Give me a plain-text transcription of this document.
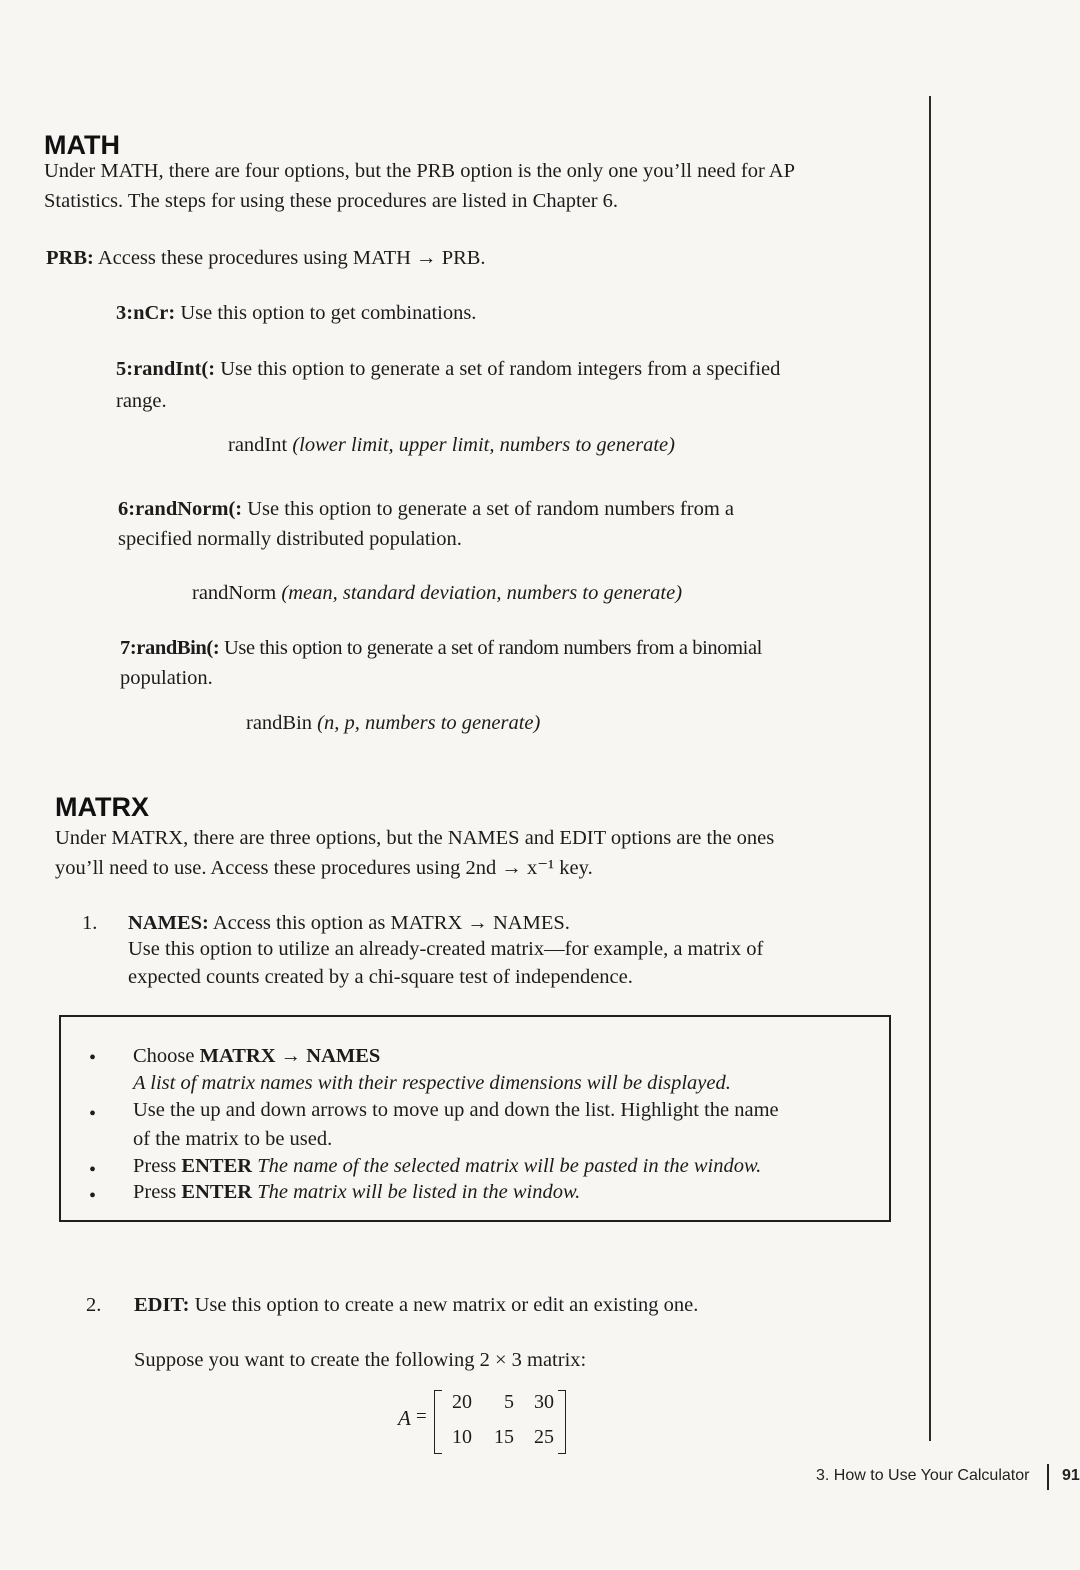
MATH
Under MATH, there are four options, but the PRB option is the only one you’ll need for AP
Statistics. The steps for using these procedures are listed in Chapter 6.
PRB: Access these procedures using MATH → PRB.
3:nCr: Use this option to get combinations.
5:randInt(: Use this option to generate a set of random integers from a specified
range.
randInt (lower limit, upper limit, numbers to generate)
6:randNorm(: Use this option to generate a set of random numbers from a
specified normally distributed population.
randNorm (mean, standard deviation, numbers to generate)
7:randBin(: Use this option to generate a set of random numbers from a binomial
population.
randBin (n, p, numbers to generate)
MATRX
Under MATRX, there are three options, but the NAMES and EDIT options are the ones
you’ll need to use. Access these procedures using 2nd → x⁻¹ key.
1. NAMES: Access this option as MATRX → NAMES.
Use this option to utilize an already-created matrix—for example, a matrix of
expected counts created by a chi-square test of independence.
• Choose MATRX → NAMES
A list of matrix names with their respective dimensions will be displayed.
• Use the up and down arrows to move up and down the list. Highlight the name
of the matrix to be used.
• Press ENTER The name of the selected matrix will be pasted in the window.
• Press ENTER The matrix will be listed in the window.
2. EDIT: Use this option to create a new matrix or edit an existing one.
Suppose you want to create the following 2 × 3 matrix:
A =
20	5	30
10	15	25
3. How to Use Your Calculator 91
